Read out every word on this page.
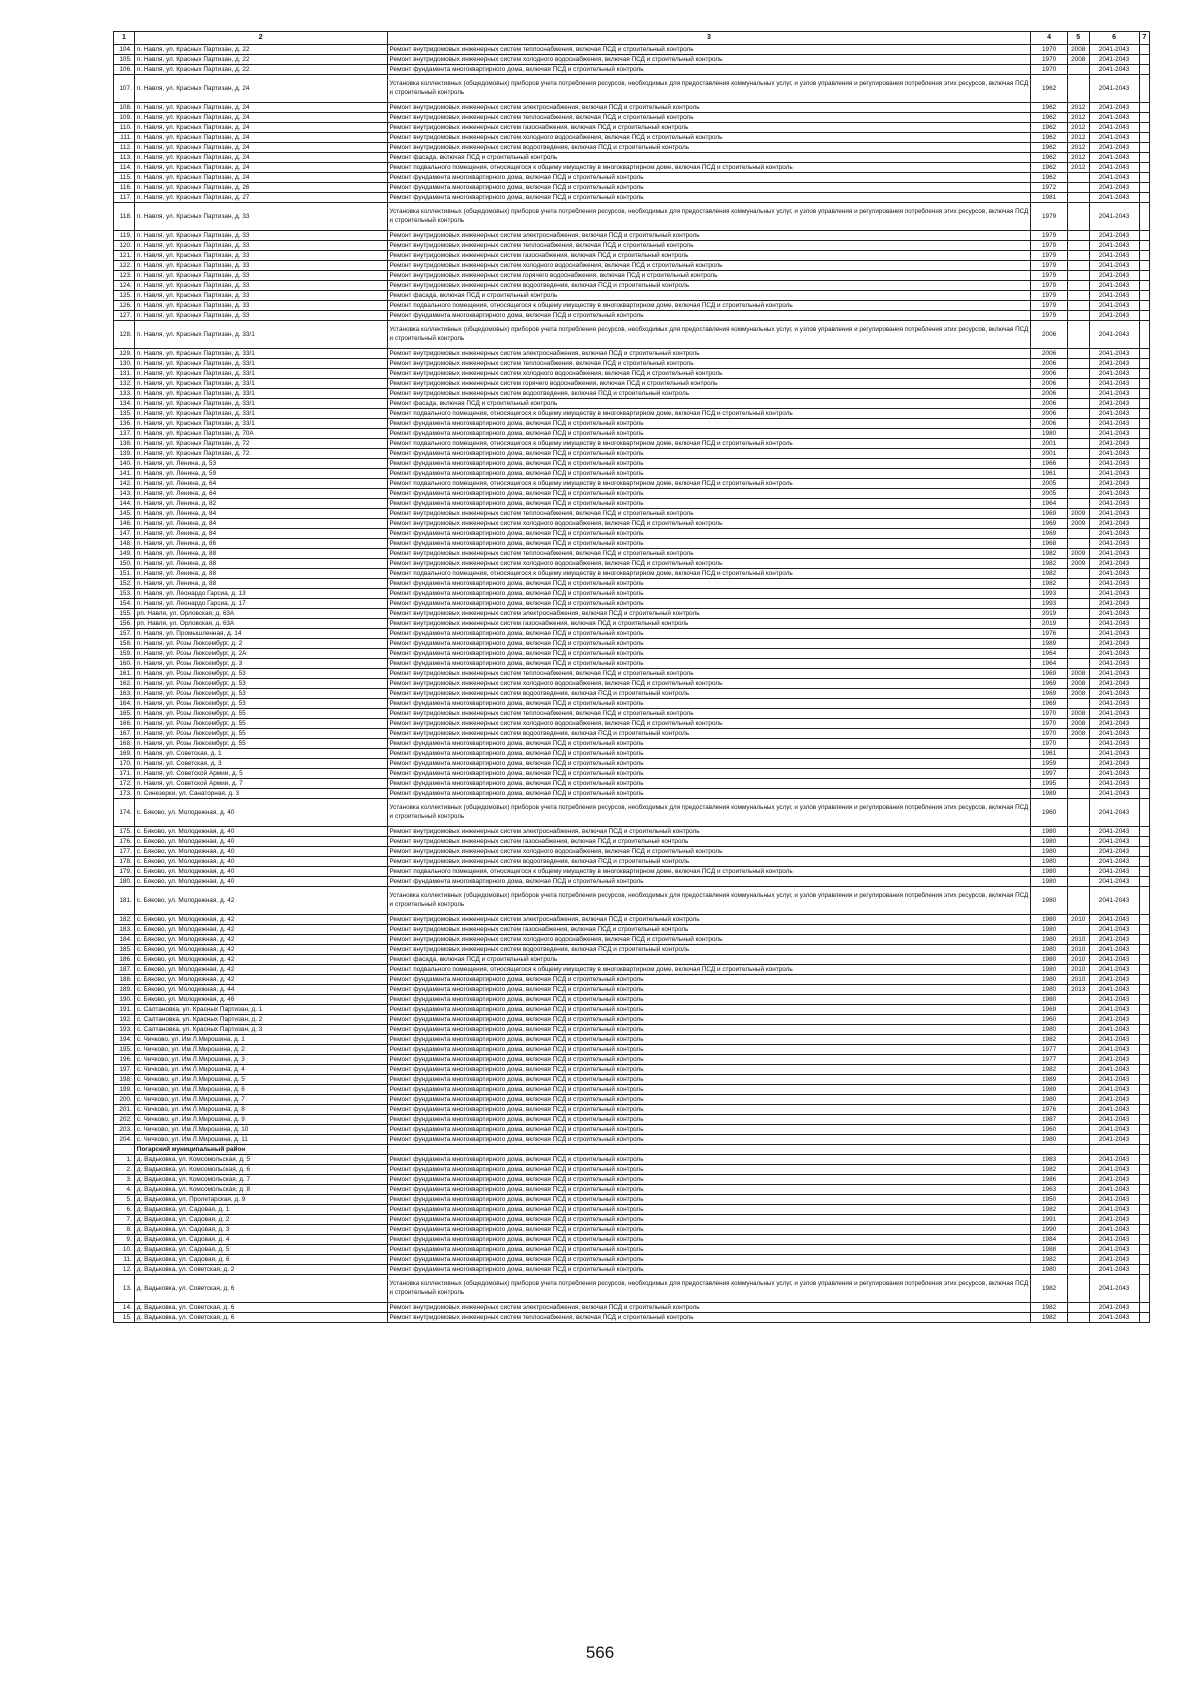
1	2	3	4	5	6	7
104.	п. Навля, ул. Красных Партизан, д. 22	Ремонт внутридомовых инженерных систем теплоснабжения, включая ПСД и строительный контроль	1970	2008	2041-2043	
105.	п. Навля, ул. Красных Партизан, д. 22	Ремонт внутридомовых инженерных систем холодного водоснабжения, включая ПСД и строительный контроль	1970	2008	2041-2043	
106.	п. Навля, ул. Красных Партизан, д. 22	Ремонт фундамента многоквартирного дома, включая ПСД и строительный контроль	1970		2041-2043	
107.	п. Навля, ул. Красных Партизан, д. 24	Установка коллективных (общедомовых) приборов учета потребления ресурсов, необходимых для предоставления коммунальных услуг, и узлов управления и регулирования потребления этих ресурсов, включая ПСД и строительный контроль	1962		2041-2043	
108.	п. Навля, ул. Красных Партизан, д. 24	Ремонт внутридомовых инженерных систем электроснабжения, включая ПСД и строительный контроль	1962	2012	2041-2043	
109.	п. Навля, ул. Красных Партизан, д. 24	Ремонт внутридомовых инженерных систем теплоснабжения, включая ПСД и строительный контроль	1962	2012	2041-2043	
110.	п. Навля, ул. Красных Партизан, д. 24	Ремонт внутридомовых инженерных систем газоснабжения, включая ПСД и строительный контроль	1962	2012	2041-2043	
111.	п. Навля, ул. Красных Партизан, д. 24	Ремонт внутридомовых инженерных систем холодного водоснабжения, включая ПСД и строительный контроль	1962	2012	2041-2043	
112.	п. Навля, ул. Красных Партизан, д. 24	Ремонт внутридомовых инженерных систем водоотведения, включая ПСД и строительный контроль	1962	2012	2041-2043	
113.	п. Навля, ул. Красных Партизан, д. 24	Ремонт фасада, включая ПСД и строительный контроль	1962	2012	2041-2043	
114.	п. Навля, ул. Красных Партизан, д. 24	Ремонт подвального помещения, относящегося к общему имуществу в многоквартирном доме, включая ПСД и строительный контроль	1962	2012	2041-2043	
115.	п. Навля, ул. Красных Партизан, д. 24	Ремонт фундамента многоквартирного дома, включая ПСД и строительный контроль	1962		2041-2043	
116.	п. Навля, ул. Красных Партизан, д. 26	Ремонт фундамента многоквартирного дома, включая ПСД и строительный контроль	1972		2041-2043	
117.	п. Навля, ул. Красных Партизан, д. 27	Ремонт фундамента многоквартирного дома, включая ПСД и строительный контроль	1981		2041-2043	
118.	п. Навля, ул. Красных Партизан, д. 33	Установка коллективных (общедомовых) приборов учета потребления ресурсов, необходимых для предоставления коммунальных услуг, и узлов управления и регулирования потребления этих ресурсов, включая ПСД и строительный контроль	1979		2041-2043	
119.	п. Навля, ул. Красных Партизан, д. 33	Ремонт внутридомовых инженерных систем электроснабжения, включая ПСД и строительный контроль	1979		2041-2043	
120.	п. Навля, ул. Красных Партизан, д. 33	Ремонт внутридомовых инженерных систем теплоснабжения, включая ПСД и строительный контроль	1979		2041-2043	
121.	п. Навля, ул. Красных Партизан, д. 33	Ремонт внутридомовых инженерных систем газоснабжения, включая ПСД и строительный контроль	1979		2041-2043	
122.	п. Навля, ул. Красных Партизан, д. 33	Ремонт внутридомовых инженерных систем холодного водоснабжения, включая ПСД и строительный контроль	1979		2041-2043	
123.	п. Навля, ул. Красных Партизан, д. 33	Ремонт внутридомовых инженерных систем горячего водоснабжения, включая ПСД и строительный контроль	1979		2041-2043	
124.	п. Навля, ул. Красных Партизан, д. 33	Ремонт внутридомовых инженерных систем водоотведения, включая ПСД и строительный контроль	1979		2041-2043	
125.	п. Навля, ул. Красных Партизан, д. 33	Ремонт фасада, включая ПСД и строительный контроль	1979		2041-2043	
126.	п. Навля, ул. Красных Партизан, д. 33	Ремонт подвального помещения, относящегося к общему имуществу в многоквартирном доме, включая ПСД и строительный контроль	1979		2041-2043	
127.	п. Навля, ул. Красных Партизан, д. 33	Ремонт фундамента многоквартирного дома, включая ПСД и строительный контроль	1979		2041-2043	
128.	п. Навля, ул. Красных Партизан, д. 33/1	Установка коллективных (общедомовых) приборов учета потребления ресурсов, необходимых для предоставления коммунальных услуг, и узлов управления и регулирования потребления этих ресурсов, включая ПСД и строительный контроль	2006		2041-2043	
129.	п. Навля, ул. Красных Партизан, д. 33/1	Ремонт внутридомовых инженерных систем электроснабжения, включая ПСД и строительный контроль	2006		2041-2043	
130.	п. Навля, ул. Красных Партизан, д. 33/1	Ремонт внутридомовых инженерных систем теплоснабжения, включая ПСД и строительный контроль	2006		2041-2043	
131.	п. Навля, ул. Красных Партизан, д. 33/1	Ремонт внутридомовых инженерных систем холодного водоснабжения, включая ПСД и строительный контроль	2006		2041-2043	
132.	п. Навля, ул. Красных Партизан, д. 33/1	Ремонт внутридомовых инженерных систем горячего водоснабжения, включая ПСД и строительный контроль	2006		2041-2043	
133.	п. Навля, ул. Красных Партизан, д. 33/1	Ремонт внутридомовых инженерных систем водоотведения, включая ПСД и строительный контроль	2006		2041-2043	
134.	п. Навля, ул. Красных Партизан, д. 33/1	Ремонт фасада, включая ПСД и строительный контроль	2006		2041-2043	
135.	п. Навля, ул. Красных Партизан, д. 33/1	Ремонт подвального помещения, относящегося к общему имуществу в многоквартирном доме, включая ПСД и строительный контроль	2006		2041-2043	
136.	п. Навля, ул. Красных Партизан, д. 33/1	Ремонт фундамента многоквартирного дома, включая ПСД и строительный контроль	2006		2041-2043	
137.	п. Навля, ул. Красных Партизан, д. 70А	Ремонт фундамента многоквартирного дома, включая ПСД и строительный контроль	1980		2041-2043	
138.	п. Навля, ул. Красных Партизан, д. 72	Ремонт подвального помещения, относящегося к общему имуществу в многоквартирном доме, включая ПСД и строительный контроль	2001		2041-2043	
139.	п. Навля, ул. Красных Партизан, д. 72	Ремонт фундамента многоквартирного дома, включая ПСД и строительный контроль	2001		2041-2043	
140.	п. Навля, ул. Ленина, д. 53	Ремонт фундамента многоквартирного дома, включая ПСД и строительный контроль	1966		2041-2043	
141.	п. Навля, ул. Ленина, д. 59	Ремонт фундамента многоквартирного дома, включая ПСД и строительный контроль	1961		2041-2043	
142.	п. Навля, ул. Ленина, д. 64	Ремонт подвального помещения, относящегося к общему имуществу в многоквартирном доме, включая ПСД и строительный контроль	2005		2041-2043	
143.	п. Навля, ул. Ленина, д. 64	Ремонт фундамента многоквартирного дома, включая ПСД и строительный контроль	2005		2041-2043	
144.	п. Навля, ул. Ленина, д. 82	Ремонт фундамента многоквартирного дома, включая ПСД и строительный контроль	1964		2041-2043	
145.	п. Навля, ул. Ленина, д. 84	Ремонт внутридомовых инженерных систем теплоснабжения, включая ПСД и строительный контроль	1969	2009	2041-2043	
146.	п. Навля, ул. Ленина, д. 84	Ремонт внутридомовых инженерных систем холодного водоснабжения, включая ПСД и строительный контроль	1969	2009	2041-2043	
147.	п. Навля, ул. Ленина, д. 84	Ремонт фундамента многоквартирного дома, включая ПСД и строительный контроль	1969		2041-2043	
148.	п. Навля, ул. Ленина, д. 86	Ремонт фундамента многоквартирного дома, включая ПСД и строительный контроль	1968		2041-2043	
149.	п. Навля, ул. Ленина, д. 88	Ремонт внутридомовых инженерных систем теплоснабжения, включая ПСД и строительный контроль	1982	2009	2041-2043	
150.	п. Навля, ул. Ленина, д. 88	Ремонт внутридомовых инженерных систем холодного водоснабжения, включая ПСД и строительный контроль	1982	2009	2041-2043	
151.	п. Навля, ул. Ленина, д. 88	Ремонт подвального помещения, относящегося к общему имуществу в многоквартирном доме, включая ПСД и строительный контроль	1982		2041-2043	
152.	п. Навля, ул. Ленина, д. 88	Ремонт фундамента многоквартирного дома, включая ПСД и строительный контроль	1982		2041-2043	
153.	п. Навля, ул. Леонардо Гарсиа, д. 13	Ремонт фундамента многоквартирного дома, включая ПСД и строительный контроль	1993		2041-2043	
154.	п. Навля, ул. Леонардо Гарсиа, д. 17	Ремонт фундамента многоквартирного дома, включая ПСД и строительный контроль	1993		2041-2043	
155.	рп. Навля, ул. Орловская, д. 63А	Ремонт внутридомовых инженерных систем электроснабжения, включая ПСД и строительный контроль	2019		2041-2043	
156.	рп. Навля, ул. Орловская, д. 63А	Ремонт внутридомовых инженерных систем газоснабжения, включая ПСД и строительный контроль	2019		2041-2043	
157.	п. Навля, ул. Промышленная, д. 14	Ремонт фундамента многоквартирного дома, включая ПСД и строительный контроль	1976		2041-2043	
158.	п. Навля, ул. Розы Люксембург, д. 2	Ремонт фундамента многоквартирного дома, включая ПСД и строительный контроль	1989		2041-2043	
159.	п. Навля, ул. Розы Люксембург, д. 2А	Ремонт фундамента многоквартирного дома, включая ПСД и строительный контроль	1964		2041-2043	
160.	п. Навля, ул. Розы Люксембург, д. 3	Ремонт фундамента многоквартирного дома, включая ПСД и строительный контроль	1964		2041-2043	
161.	п. Навля, ул. Розы Люксембург, д. 53	Ремонт внутридомовых инженерных систем теплоснабжения, включая ПСД и строительный контроль	1969	2008	2041-2043	
162.	п. Навля, ул. Розы Люксембург, д. 53	Ремонт внутридомовых инженерных систем холодного водоснабжения, включая ПСД и строительный контроль	1969	2008	2041-2043	
163.	п. Навля, ул. Розы Люксембург, д. 53	Ремонт внутридомовых инженерных систем водоотведения, включая ПСД и строительный контроль	1969	2008	2041-2043	
164.	п. Навля, ул. Розы Люксембург, д. 53	Ремонт фундамента многоквартирного дома, включая ПСД и строительный контроль	1969		2041-2043	
165.	п. Навля, ул. Розы Люксембург, д. 55	Ремонт внутридомовых инженерных систем теплоснабжения, включая ПСД и строительный контроль	1970	2008	2041-2043	
166.	п. Навля, ул. Розы Люксембург, д. 55	Ремонт внутридомовых инженерных систем холодного водоснабжения, включая ПСД и строительный контроль	1970	2008	2041-2043	
167.	п. Навля, ул. Розы Люксембург, д. 55	Ремонт внутридомовых инженерных систем водоотведения, включая ПСД и строительный контроль	1970	2008	2041-2043	
168.	п. Навля, ул. Розы Люксембург, д. 55	Ремонт фундамента многоквартирного дома, включая ПСД и строительный контроль	1970		2041-2043	
169.	п. Навля, ул. Советская, д. 1	Ремонт фундамента многоквартирного дома, включая ПСД и строительный контроль	1961		2041-2043	
170.	п. Навля, ул. Советская, д. 3	Ремонт фундамента многоквартирного дома, включая ПСД и строительный контроль	1959		2041-2043	
171.	п. Навля, ул. Советской Армии, д. 5	Ремонт фундамента многоквартирного дома, включая ПСД и строительный контроль	1997		2041-2043	
172.	п. Навля, ул. Советской Армии, д. 7	Ремонт фундамента многоквартирного дома, включая ПСД и строительный контроль	1995		2041-2043	
173.	п. Синезерки, ул. Санаторная, д. 3	Ремонт фундамента многоквартирного дома, включая ПСД и строительный контроль	1989		2041-2043	
174.	с. Бяково, ул. Молодежная, д. 40	Установка коллективных (общедомовых) приборов учета потребления ресурсов, необходимых для предоставления коммунальных услуг, и узлов управления и регулирования потребления этих ресурсов, включая ПСД и строительный контроль	1960		2041-2043	
175.	с. Бяково, ул. Молодежная, д. 40	Ремонт внутридомовых инженерных систем электроснабжения, включая ПСД и строительный контроль	1980		2041-2043	
176.	с. Бяково, ул. Молодежная, д. 40	Ремонт внутридомовых инженерных систем газоснабжения, включая ПСД и строительный контроль	1980		2041-2043	
177.	с. Бяково, ул. Молодежная, д. 40	Ремонт внутридомовых инженерных систем холодного водоснабжения, включая ПСД и строительный контроль	1980		2041-2043	
178.	с. Бяково, ул. Молодежная, д. 40	Ремонт внутридомовых инженерных систем водоотведения, включая ПСД и строительный контроль	1980		2041-2043	
179.	с. Бяково, ул. Молодежная, д. 40	Ремонт подвального помещения, относящегося к общему имуществу в многоквартирном доме, включая ПСД и строительный контроль	1980		2041-2043	
180.	с. Бяково, ул. Молодежная, д. 40	Ремонт фундамента многоквартирного дома, включая ПСД и строительный контроль	1980		2041-2043	
181.	с. Бяково, ул. Молодежная, д. 42	Установка коллективных (общедомовых) приборов учета потребления ресурсов, необходимых для предоставления коммунальных услуг, и узлов управления и регулирования потребления этих ресурсов, включая ПСД и строительный контроль	1980		2041-2043	
182.	с. Бяково, ул. Молодежная, д. 42	Ремонт внутридомовых инженерных систем электроснабжения, включая ПСД и строительный контроль	1980	2010	2041-2043	
183.	с. Бяково, ул. Молодежная, д. 42	Ремонт внутридомовых инженерных систем газоснабжения, включая ПСД и строительный контроль	1980		2041-2043	
184.	с. Бяково, ул. Молодежная, д. 42	Ремонт внутридомовых инженерных систем холодного водоснабжения, включая ПСД и строительный контроль	1980	2010	2041-2043	
185.	с. Бяково, ул. Молодежная, д. 42	Ремонт внутридомовых инженерных систем водоотведения, включая ПСД и строительный контроль	1980	2010	2041-2043	
186.	с. Бяково, ул. Молодежная, д. 42	Ремонт фасада, включая ПСД и строительный контроль	1980	2010	2041-2043	
187.	с. Бяково, ул. Молодежная, д. 42	Ремонт подвального помещения, относящегося к общему имуществу в многоквартирном доме, включая ПСД и строительный контроль	1980	2010	2041-2043	
188.	с. Бяково, ул. Молодежная, д. 42	Ремонт фундамента многоквартирного дома, включая ПСД и строительный контроль	1980	2010	2041-2043	
189.	с. Бяково, ул. Молодежная, д. 44	Ремонт фундамента многоквартирного дома, включая ПСД и строительный контроль	1980	2013	2041-2043	
190.	с. Бяково, ул. Молодежная, д. 46	Ремонт фундамента многоквартирного дома, включая ПСД и строительный контроль	1980		2041-2043	
191.	с. Салтановка, ул. Красных Партизан, д. 1	Ремонт фундамента многоквартирного дома, включая ПСД и строительный контроль	1969		2041-2043	
192.	с. Салтановка, ул. Красных Партизан, д. 2	Ремонт фундамента многоквартирного дома, включая ПСД и строительный контроль	1960		2041-2043	
193.	с. Салтановка, ул. Красных Партизан, д. 3	Ремонт фундамента многоквартирного дома, включая ПСД и строительный контроль	1980		2041-2043	
194.	с. Чичково, ул. Им Л.Мирошина, д. 1	Ремонт фундамента многоквартирного дома, включая ПСД и строительный контроль	1982		2041-2043	
195.	с. Чичково, ул. Им Л.Мирошина, д. 2	Ремонт фундамента многоквартирного дома, включая ПСД и строительный контроль	1977		2041-2043	
196.	с. Чичково, ул. Им Л.Мирошина, д. 3	Ремонт фундамента многоквартирного дома, включая ПСД и строительный контроль	1977		2041-2043	
197.	с. Чичково, ул. Им Л.Мирошина, д. 4	Ремонт фундамента многоквартирного дома, включая ПСД и строительный контроль	1982		2041-2043	
198.	с. Чичково, ул. Им Л.Мирошина, д. 5	Ремонт фундамента многоквартирного дома, включая ПСД и строительный контроль	1989		2041-2043	
199.	с. Чичково, ул. Им Л.Мирошина, д. 6	Ремонт фундамента многоквартирного дома, включая ПСД и строительный контроль	1989		2041-2043	
200.	с. Чичково, ул. Им Л.Мирошина, д. 7	Ремонт фундамента многоквартирного дома, включая ПСД и строительный контроль	1980		2041-2043	
201.	с. Чичково, ул. Им Л.Мирошина, д. 8	Ремонт фундамента многоквартирного дома, включая ПСД и строительный контроль	1976		2041-2043	
202.	с. Чичково, ул. Им Л.Мирошина, д. 9	Ремонт фундамента многоквартирного дома, включая ПСД и строительный контроль	1987		2041-2043	
203.	с. Чичково, ул. Им Л.Мирошина, д. 10	Ремонт фундамента многоквартирного дома, включая ПСД и строительный контроль	1960		2041-2043	
204.	с. Чичково, ул. Им Л.Мирошина, д. 11	Ремонт фундамента многоквартирного дома, включая ПСД и строительный контроль	1980		2041-2043	
	Погарский муниципальный район					
1.	д. Вадьковка, ул. Комсомольская, д. 5	Ремонт фундамента многоквартирного дома, включая ПСД и строительный контроль	1983		2041-2043	
2.	д. Вадьковка, ул. Комсомольская, д. 6	Ремонт фундамента многоквартирного дома, включая ПСД и строительный контроль	1982		2041-2043	
3.	д. Вадьковка, ул. Комсомольская, д. 7	Ремонт фундамента многоквартирного дома, включая ПСД и строительный контроль	1986		2041-2043	
4.	д. Вадьковка, ул. Комсомольская, д. 8	Ремонт фундамента многоквартирного дома, включая ПСД и строительный контроль	1963		2041-2043	
5.	д. Вадьковка, ул. Пролетарская, д. 9	Ремонт фундамента многоквартирного дома, включая ПСД и строительный контроль	1950		2041-2043	
6.	д. Вадьковка, ул. Садовая, д. 1	Ремонт фундамента многоквартирного дома, включая ПСД и строительный контроль	1982		2041-2043	
7.	д. Вадьковка, ул. Садовая, д. 2	Ремонт фундамента многоквартирного дома, включая ПСД и строительный контроль	1991		2041-2043	
8.	д. Вадьковка, ул. Садовая, д. 3	Ремонт фундамента многоквартирного дома, включая ПСД и строительный контроль	1990		2041-2043	
9.	д. Вадьковка, ул. Садовая, д. 4	Ремонт фундамента многоквартирного дома, включая ПСД и строительный контроль	1984		2041-2043	
10.	д. Вадьковка, ул. Садовая, д. 5	Ремонт фундамента многоквартирного дома, включая ПСД и строительный контроль	1988		2041-2043	
11.	д. Вадьковка, ул. Садовая, д. 6	Ремонт фундамента многоквартирного дома, включая ПСД и строительный контроль	1982		2041-2043	
12.	д. Вадьковка, ул. Советская, д. 2	Ремонт фундамента многоквартирного дома, включая ПСД и строительный контроль	1980		2041-2043	
13.	д. Вадьковка, ул. Советская, д. 6	Установка коллективных (общедомовых) приборов учета потребления ресурсов, необходимых для предоставления коммунальных услуг, и узлов управления и регулирования потребления этих ресурсов, включая ПСД и строительный контроль	1982		2041-2043	
14.	д. Вадьковка, ул. Советская, д. 6	Ремонт внутридомовых инженерных систем электроснабжения, включая ПСД и строительный контроль	1982		2041-2043	
15.	д. Вадьковка, ул. Советская, д. 6	Ремонт внутридомовых инженерных систем теплоснабжения, включая ПСД и строительный контроль	1982		2041-2043	
566
